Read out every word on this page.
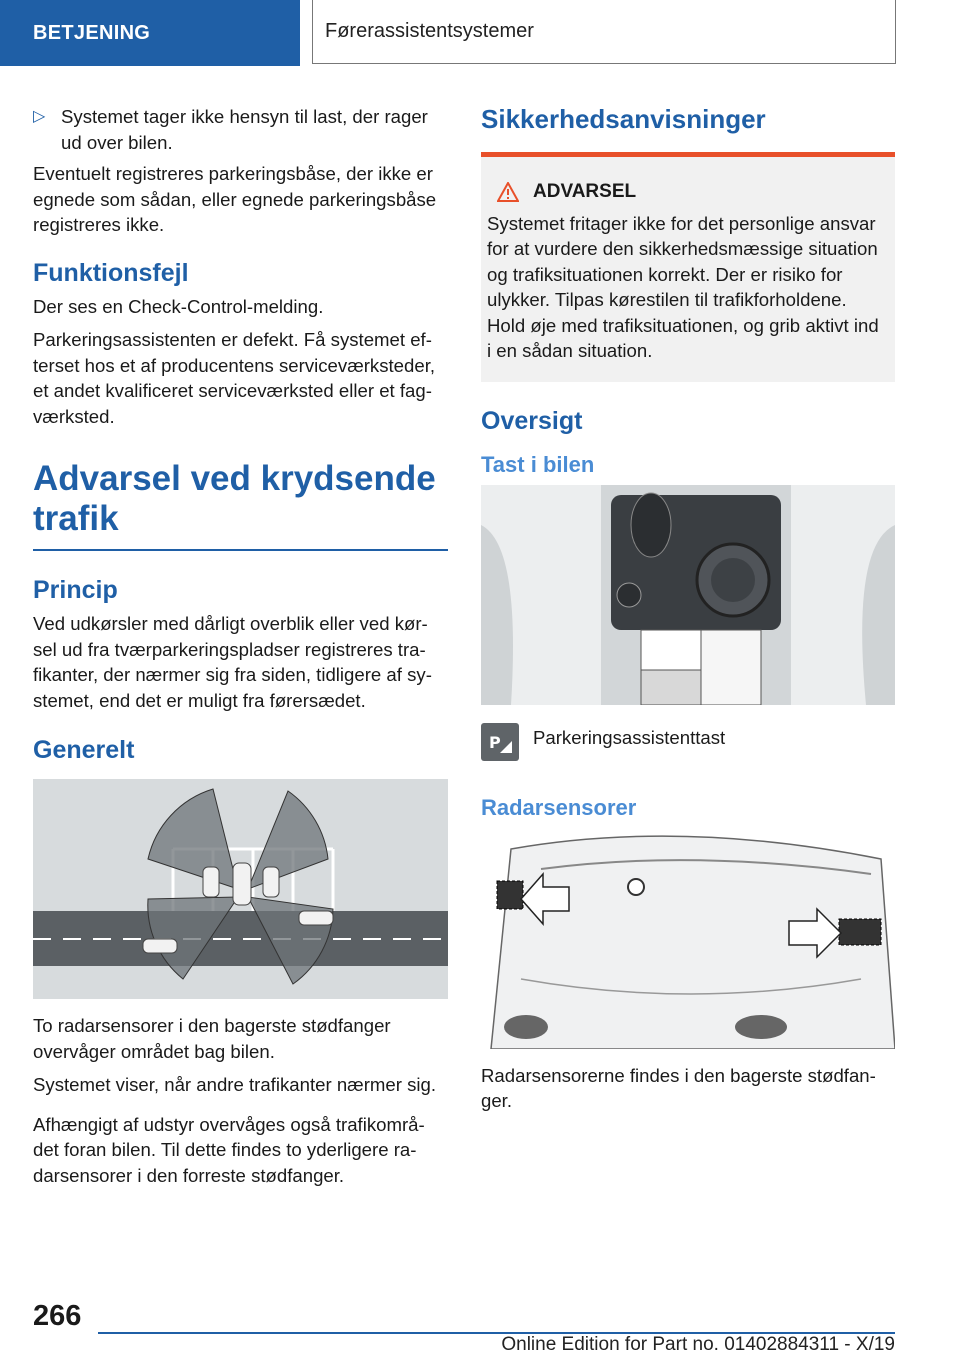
BETJENING	Førerassistentsystemer
▷ Systemet tager ikke hensyn til last, der rager ud over bilen.

Eventuelt registreres parkeringsbåse, der ikke er egnede som sådan, eller egnede parkeringsbåse registreres ikke.

Funktionsfejl

Der ses en Check-Control-melding.

Parkeringsassistenten er defekt. Få systemet ef- terset hos et af producentens serviceværksteder, et andet kvalificeret serviceværksted eller et fag- værksted.

Advarsel ved krydsende trafik
Princip

Ved udkørsler med dårligt overblik eller ved kør- sel ud fra tværparkeringspladser registreres tra- fikanter, der nærmer sig fra siden, tidligere af sy- stemet, end det er muligt fra førersædet.

Generelt

To radarsensorer i den bagerste stødfanger overvåger området bag bilen.

Systemet viser, når andre trafikanter nærmer sig.

Afhængigt af udstyr overvåges også trafikområ- det foran bilen. Til dette findes to yderligere ra- darsensorer i den forreste stødfanger.

Sikkerhedsanvisninger
ADVARSEL
Systemet fritager ikke for det personlige ansvar for at vurdere den sikkerhedsmæssige situation og trafiksituationen korrekt. Der er risiko for ulykker. Tilpas kørestilen til trafikforholdene. Hold øje med trafiksituationen, og grib aktivt ind i en sådan situation.
Oversigt
Tast i bilen
P Parkeringsassistenttast
Radarsensorer

Radarsensorerne findes i den bagerste stødfan- ger.

266
Online Edition for Part no. 01402884311 - X/19
